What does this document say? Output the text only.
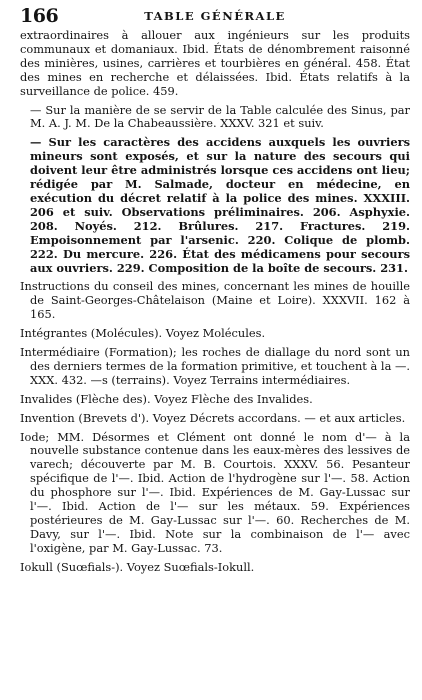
166	TABLE GÉNÉRALE
extraordinaires à allouer aux ingénieurs sur les produits communaux et domaniaux. Ibid. États de dénombrement raisonné des minières, usines, carrières et tourbières en général. 458. État des mines en recherche et délaissées. Ibid. États relatifs à la surveillance de police. 459.
— Sur la manière de se servir de la Table calculée des Sinus, par M. A. J. M. De la Chabeaussière. XXXV. 321 et suiv.
— Sur les caractères des accidens auxquels les ouvriers mineurs sont exposés, et sur la nature des secours qui doivent leur être administrés lorsque ces accidens ont lieu; rédigée par M. Salmade, docteur en médecine, en exécution du décret relatif à la police des mines. XXXIII. 206 et suiv. Observations préliminaires. 206. Asphyxie. 208. Noyés. 212. Brûlures. 217. Fractures. 219. Empoisonnement par l'arsenic. 220. Colique de plomb. 222. Du mercure. 226. État des médicamens pour secours aux ouvriers. 229. Composition de la boîte de secours. 231.
Instructions du conseil des mines, concernant les mines de houille de Saint-Georges-Châtelaison (Maine et Loire). XXXVII. 162 à 165.
Intégrantes (Molécules). Voyez Molécules.
Intermédiaire (Formation); les roches de diallage du nord sont un des derniers termes de la formation primitive, et touchent à la —. XXX. 432. —s (terrains). Voyez Terrains intermédiaires.
Invalides (Flèche des). Voyez Flèche des Invalides.
Invention (Brevets d'). Voyez Décrets accordans. — et aux articles.
Iode; MM. Désormes et Clément ont donné le nom d'— à la nouvelle substance contenue dans les eaux-mères des lessives de varech; découverte par M. B. Courtois. XXXV. 56. Pesanteur spécifique de l'—. Ibid. Action de l'hydrogène sur l'—. 58. Action du phosphore sur l'—. Ibid. Expériences de M. Gay-Lussac sur l'—. Ibid. Action de l'— sur les métaux. 59. Expériences postérieures de M. Gay-Lussac sur l'—. 60. Recherches de M. Davy, sur l'—. Ibid. Note sur la combinaison de l'— avec l'oxigène, par M. Gay-Lussac. 73.
Iokull (Suœfials-). Voyez Suœfials-Iokull.
